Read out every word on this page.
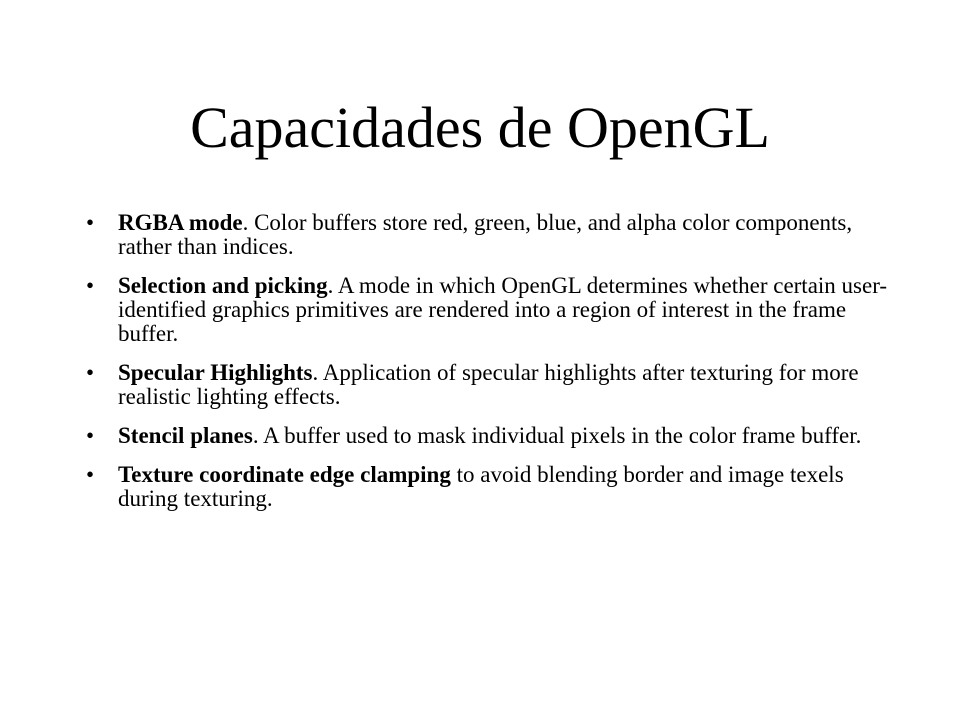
Capacidades de OpenGL
•	RGBA mode. Color buffers store red, green, blue, and alpha color components, rather than indices.
•	Selection and picking. A mode in which OpenGL determines whether certain user-identified graphics primitives are rendered into a region of interest in the frame buffer.
•	Specular Highlights. Application of specular highlights after texturing for more realistic lighting effects.
•	Stencil planes. A buffer used to mask individual pixels in the color frame buffer.
•	Texture coordinate edge clamping to avoid blending border and image texels during texturing.
